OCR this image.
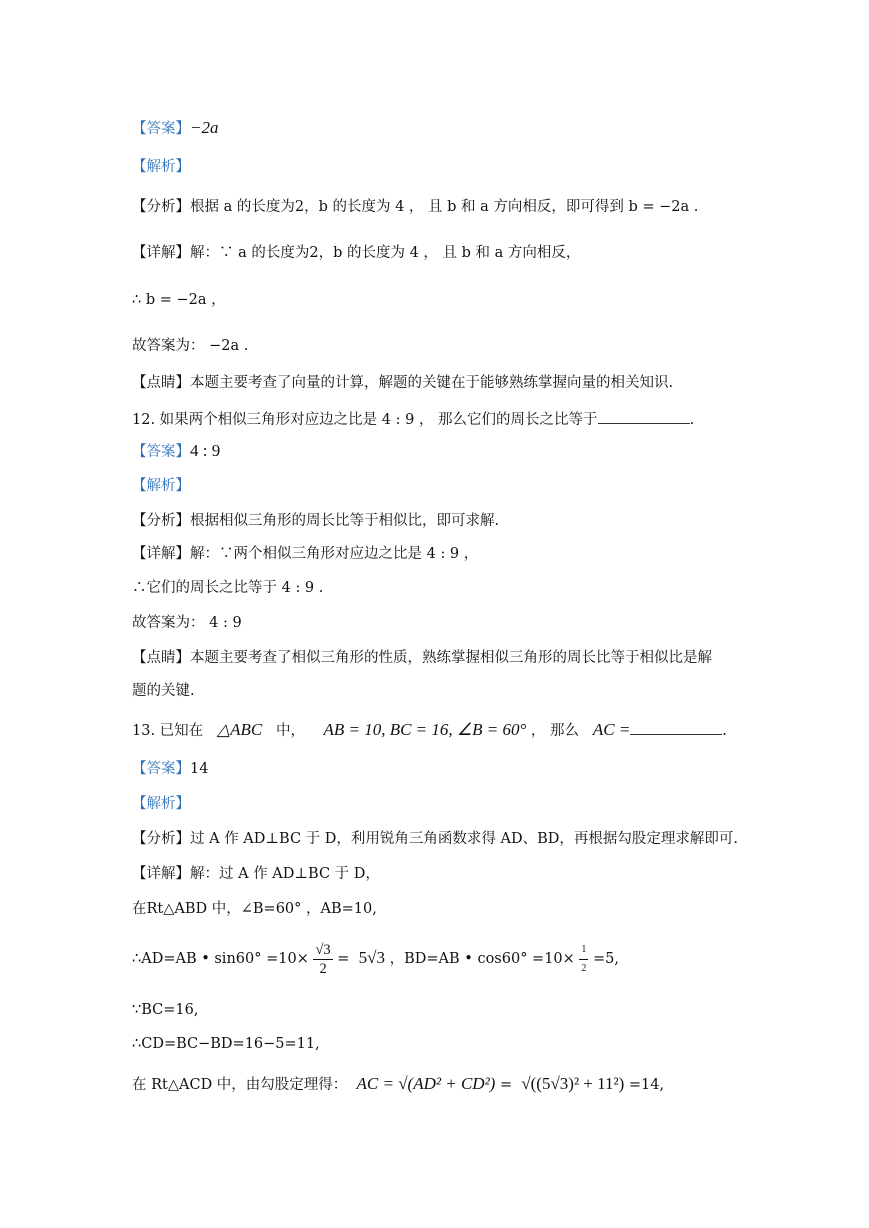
【答案】−2a
【解析】
【分析】根据 a 的长度为2，b 的长度为 4 ， 且 b 和 a 方向相反，即可得到 b = −2a .
【详解】解：∵ a 的长度为2，b 的长度为 4 ， 且 b 和 a 方向相反，
∴ b = −2a ，
故答案为： −2a .
【点睛】本题主要考查了向量的计算，解题的关键在于能够熟练掌握向量的相关知识.
12. 如果两个相似三角形对应边之比是 4 : 9 ， 那么它们的周长之比等于	.
【答案】4 : 9
【解析】
【分析】根据相似三角形的周长比等于相似比，即可求解.
【详解】解：∵两个相似三角形对应边之比是 4 : 9 ，
∴它们的周长之比等于 4 : 9 .
故答案为： 4 : 9
【点睛】本题主要考查了相似三角形的性质，熟练掌握相似三角形的周长比等于相似比是解
题的关键.
13. 已知在 △ABC 中， AB = 10, BC = 16, ∠B = 60° ， 那么 AC =	.
【答案】14
【解析】
【分析】过 A 作 AD⊥BC 于 D，利用锐角三角函数求得 AD、BD，再根据勾股定理求解即可.
【详解】解：过 A 作 AD⊥BC 于 D，
在Rt△ABD 中，∠B=60° ，AB=10,
∴AD=AB • $\sin 60^\circ =10\times \frac{√3}{2} = 5√3$ ，BD=AB • $\cos 60^\circ =10\times \frac{1}{2} =5$,
∵BC=16,
∴CD=BC−BD=16−5=11,
在 Rt△ACD 中，由勾股定理得： AC = √(AD² + CD²) = √((5√3)² + 11²) =14,
